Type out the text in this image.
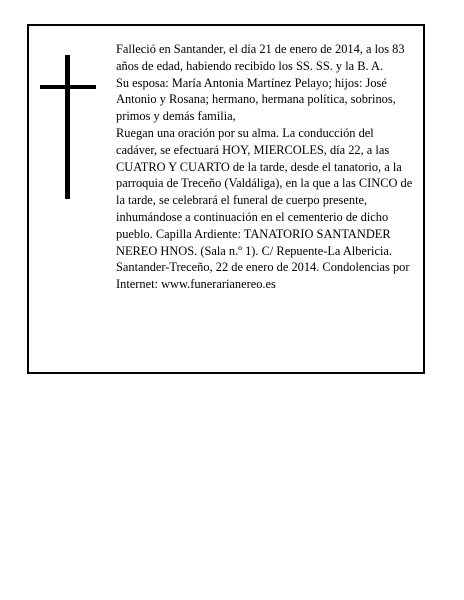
Falleció en Santander, el día 21 de enero de 2014, a los 83 años de edad, habiendo recibido los SS. SS. y la B. A.

Su esposa: María Antonia Martínez Pelayo; hijos: José Antonio y Rosana; hermano, hermana política, sobrinos, primos y demás familia,

Ruegan una oración por su alma. La conducción del cadáver, se efectuará HOY, MIERCOLES, día 22, a las CUATRO Y CUARTO de la tarde, desde el tanatorio, a la parroquia de Treceño (Valdáliga), en la que a las CINCO de la tarde, se celebrará el funeral de cuerpo presente, inhumándose a continuación en el cementerio de dicho pueblo. Capilla Ardiente: TANATORIO SANTANDER NEREO HNOS. (Sala n.º 1). C/ Repuente-La Albericia.

Santander-Treceño, 22 de enero de 2014. Condolencias por Internet: www.funerarianereo.es
